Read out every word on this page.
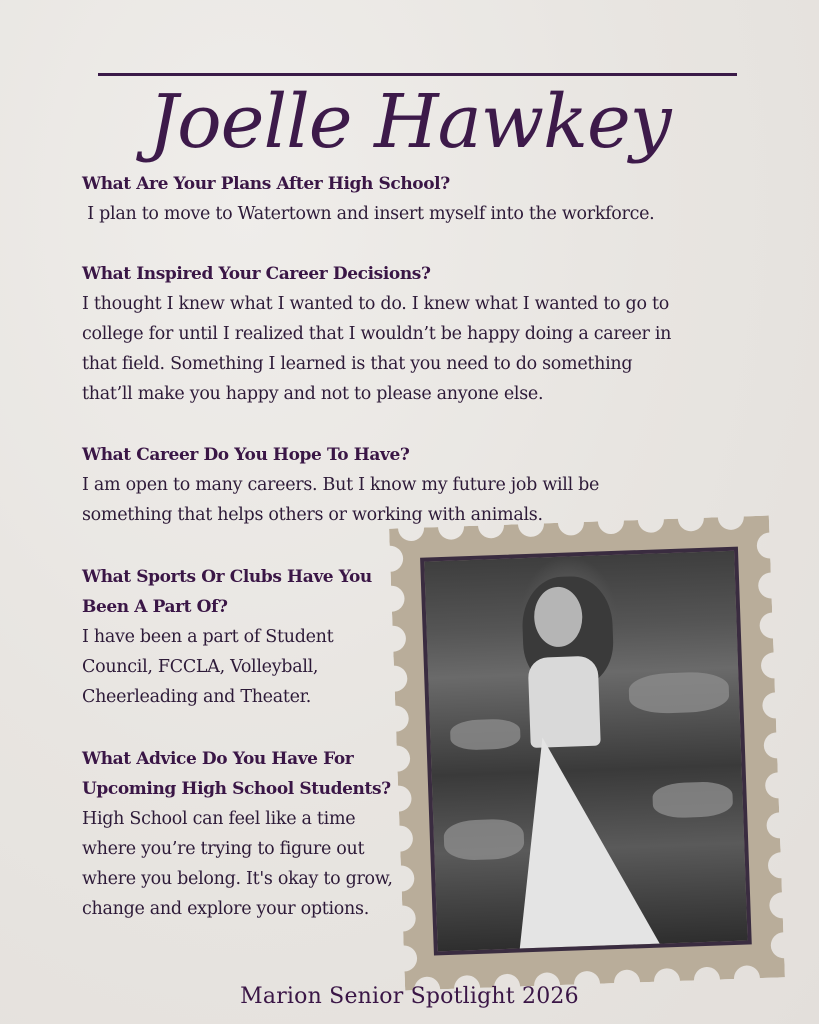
Joelle Hawkey
What Are Your Plans After High School?
I plan to move to Watertown and insert myself into the workforce.
What Inspired Your Career Decisions?
I thought I knew what I wanted to do. I knew what I wanted to go to
college for until I realized that I wouldn’t be happy doing a career in
that field. Something I learned is that you need to do something
that’ll make you happy and not to please anyone else.
What Career Do You Hope To Have?
I am open to many careers. But I know my future job will be
something that helps others or working with animals.
What Sports Or Clubs Have You
Been A Part Of?
I have been a part of Student
Council, FCCLA, Volleyball,
Cheerleading and Theater.
What Advice Do You Have For
Upcoming High School Students?
High School can feel like a time
where you’re trying to figure out
where you belong. It's okay to grow,
change and explore your options.
Marion Senior Spotlight 2026
